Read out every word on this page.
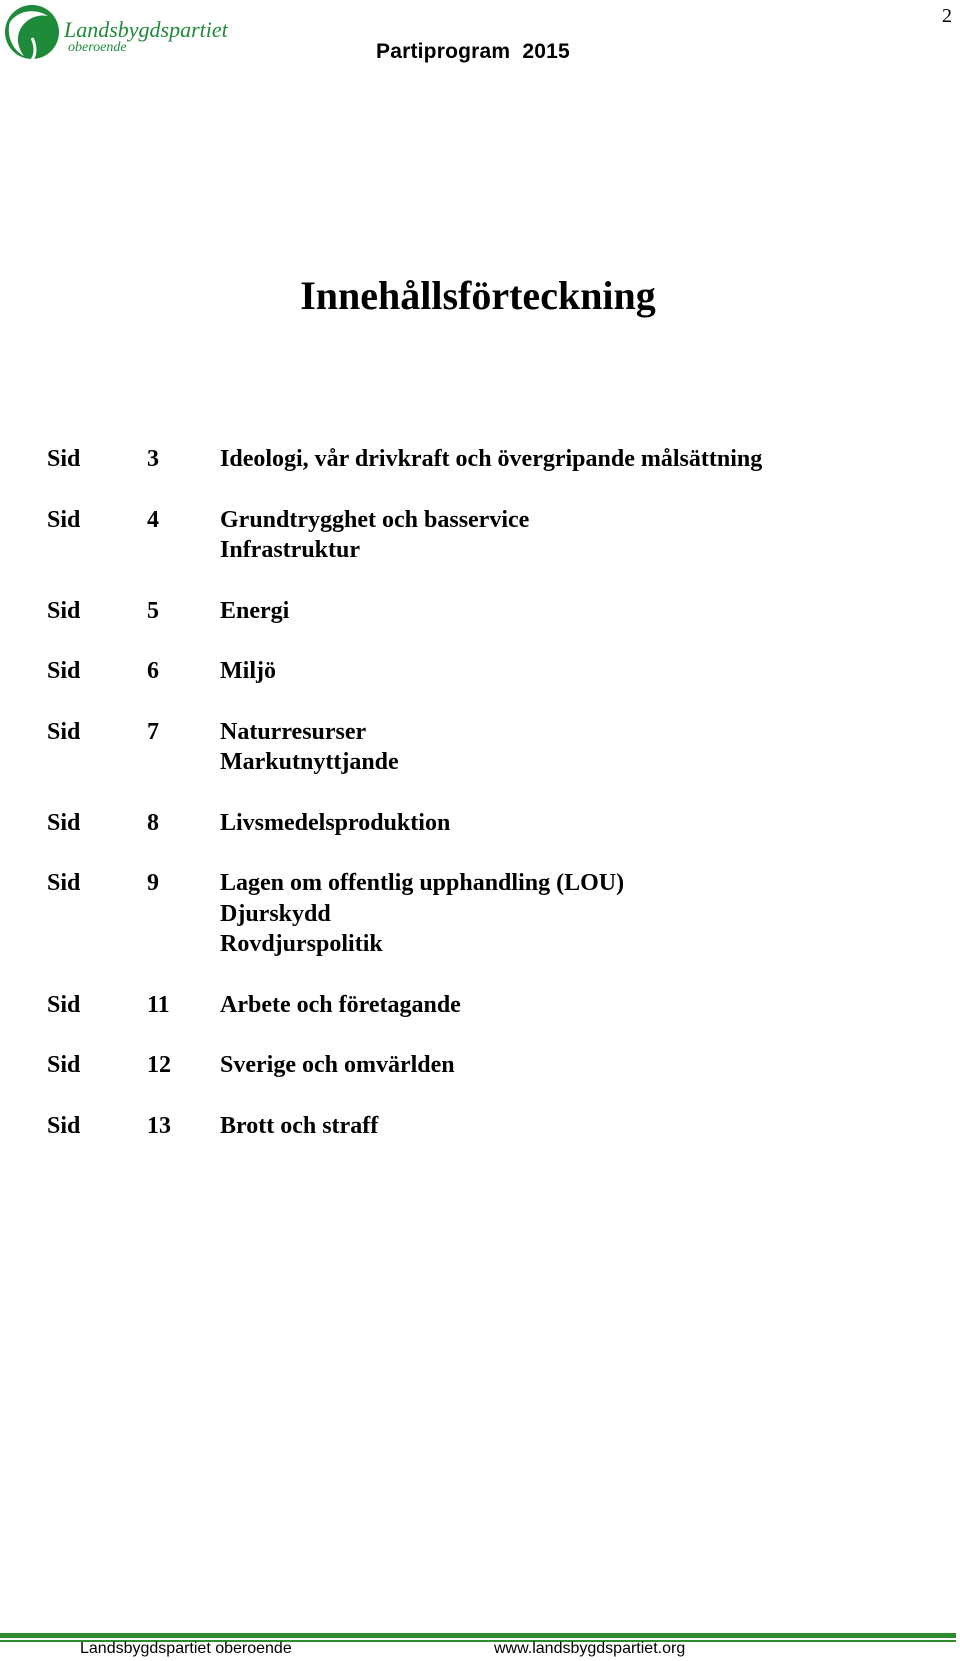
Landsbygdspartiet
oberoende
2
Partiprogram  2015
Innehållsförteckning
Sid	3	Ideologi, vår drivkraft och övergripande målsättning
Sid	4	Grundtrygghet och basservice
Infrastruktur
Sid	5	Energi
Sid	6	Miljö
Sid	7	Naturresurser
Markutnyttjande
Sid	8	Livsmedelsproduktion
Sid	9	Lagen om offentlig upphandling (LOU)
Djurskydd
Rovdjurspolitik
Sid	11	Arbete och företagande
Sid	12	Sverige och omvärlden
Sid	13	Brott och straff
Landsbygdspartiet oberoende	www.landsbygdspartiet.org
